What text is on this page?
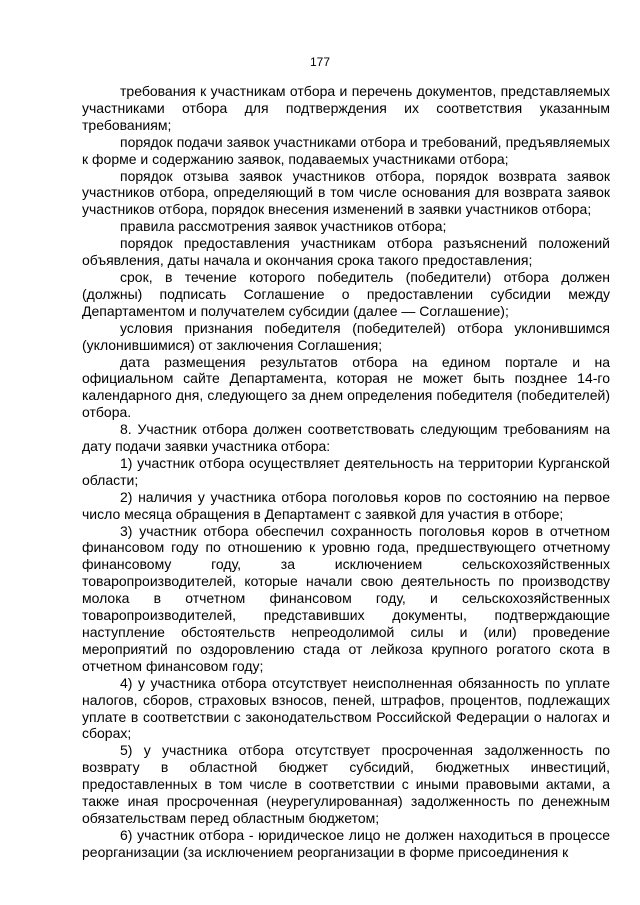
177

требования к участникам отбора и перечень документов, представляемых участниками отбора для подтверждения их соответствия указанным требованиям;

порядок подачи заявок участниками отбора и требований, предъявляемых к форме и содержанию заявок, подаваемых участниками отбора;

порядок отзыва заявок участников отбора, порядок возврата заявок участников отбора, определяющий в том числе основания для возврата заявок участников отбора, порядок внесения изменений в заявки участников отбора;

правила рассмотрения заявок участников отбора;

порядок предоставления участникам отбора разъяснений положений объявления, даты начала и окончания срока такого предоставления;

срок, в течение которого победитель (победители) отбора должен (должны) подписать Соглашение о предоставлении субсидии между Департаментом и получателем субсидии (далее — Соглашение);

условия признания победителя (победителей) отбора уклонившимся (уклонившимися) от заключения Соглашения;

дата размещения результатов отбора на едином портале и на официальном сайте Департамента, которая не может быть позднее 14-го календарного дня, следующего за днем определения победителя (победителей) отбора.

8. Участник отбора должен соответствовать следующим требованиям на дату подачи заявки участника отбора:

1) участник отбора осуществляет деятельность на территории Курганской области;

2) наличия у участника отбора поголовья коров по состоянию на первое число месяца обращения в Департамент с заявкой для участия в отборе;

3) участник отбора обеспечил сохранность поголовья коров в отчетном финансовом году по отношению к уровню года, предшествующего отчетному финансовому году, за исключением сельскохозяйственных товаропроизводителей, которые начали свою деятельность по производству молока в отчетном финансовом году, и сельскохозяйственных товаропроизводителей, представивших документы, подтверждающие наступление обстоятельств непреодолимой силы и (или) проведение мероприятий по оздоровлению стада от лейкоза крупного рогатого скота в отчетном финансовом году;

4) у участника отбора отсутствует неисполненная обязанность по уплате налогов, сборов, страховых взносов, пеней, штрафов, процентов, подлежащих уплате в соответствии с законодательством Российской Федерации о налогах и сборах;

5) у участника отбора отсутствует просроченная задолженность по возврату в областной бюджет субсидий, бюджетных инвестиций, предоставленных в том числе в соответствии с иными правовыми актами, а также иная просроченная (неурегулированная) задолженность по денежным обязательствам перед областным бюджетом;

6) участник отбора - юридическое лицо не должен находиться в процессе реорганизации (за исключением реорганизации в форме присоединения к
